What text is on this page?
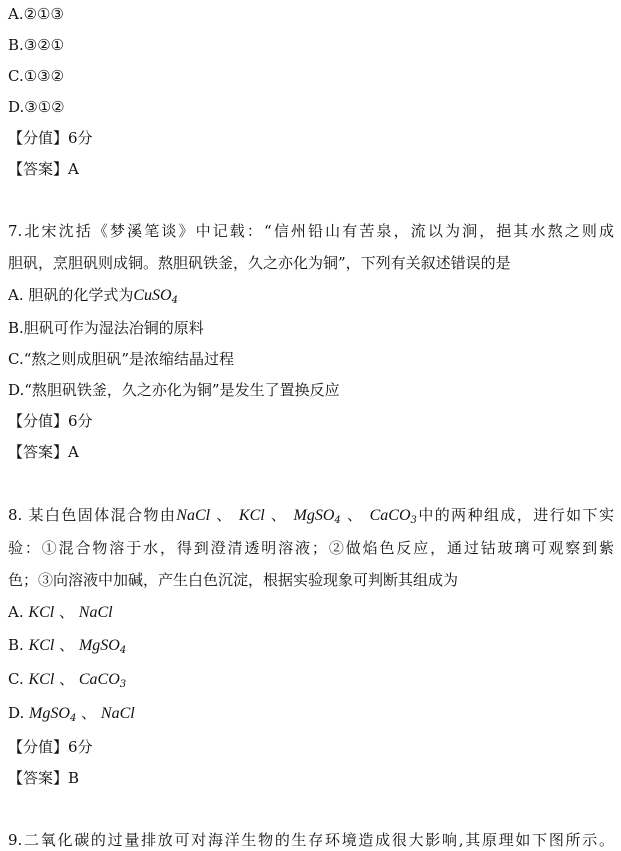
A.②①③
B.③②①
C.①③②
D.③①②
【分值】6分
【答案】A
7.北宋沈括《梦溪笔谈》中记载：“信州铅山有苦泉，流以为涧，挹其水熬之则成
胆矾，烹胆矾则成铜。熬胆矾铁釜，久之亦化为铜”，下列有关叙述错误的是
A. 胆矾的化学式为CuSO$_4$
B.胆矾可作为湿法冶铜的原料
C.“熬之则成胆矾”是浓缩结晶过程
D.“熬胆矾铁釜，久之亦化为铜”是发生了置换反应
【分值】6分
【答案】A
8. 某白色固体混合物由NaCl 、 KCl 、 MgSO$_4$ 、 CaCO$_3$中的两种组成，进行如下实
验：①混合物溶于水，得到澄清透明溶液；②做焰色反应，通过钴玻璃可观察到紫
色；③向溶液中加碱，产生白色沉淀，根据实验现象可判断其组成为
A. KCl 、 NaCl
B. KCl 、 MgSO$_4$
C. KCl 、 CaCO$_3$
D. MgSO$_4$ 、 NaCl
【分值】6分
【答案】B
9.二氧化碳的过量排放可对海洋生物的生存环境造成很大影响,其原理如下图所示。
